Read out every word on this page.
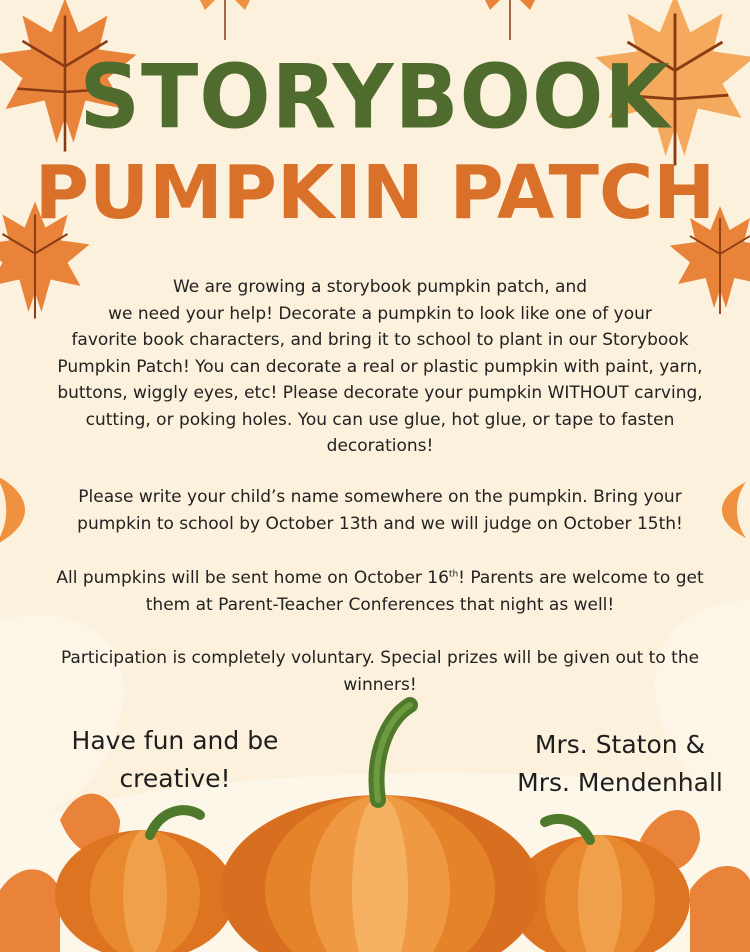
STORYBOOK
PUMPKIN PATCH
We are growing a storybook pumpkin patch, and
we need your help! Decorate a pumpkin to look like one of your
favorite book characters, and bring it to school to plant in our Storybook
Pumpkin Patch! You can decorate a real or plastic pumpkin with paint, yarn,
buttons, wiggly eyes, etc! Please decorate your pumpkin WITHOUT carving,
cutting, or poking holes. You can use glue, hot glue, or tape to fasten
decorations!
Please write your child’s name somewhere on the pumpkin. Bring your
pumpkin to school by October 13th and we will judge on October 15th!
All pumpkins will be sent home on October 16th! Parents are welcome to get
them at Parent-Teacher Conferences that night as well!
Participation is completely voluntary. Special prizes will be given out to the
winners!
Have fun and be
creative!
Mrs. Staton &
Mrs. Mendenhall
